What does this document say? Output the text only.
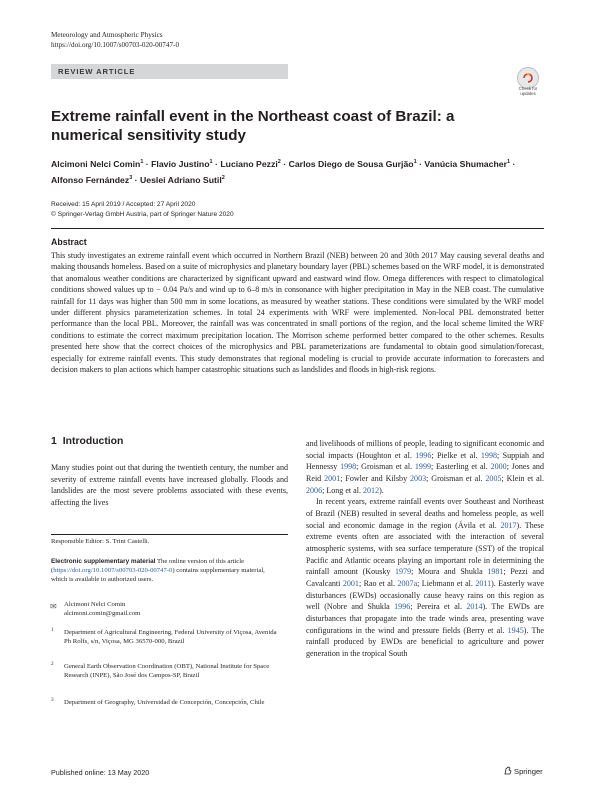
Meteorology and Atmospheric Physics
https://doi.org/10.1007/s00703-020-00747-0
REVIEW ARTICLE
Check for updates
Extreme rainfall event in the Northeast coast of Brazil: a numerical sensitivity study
Alcimoni Nelci Comin$^1$ · Flavio Justino$^1$ · Luciano Pezzi$^2$ · Carlos Diego de Sousa Gurjão$^1$ · Vanúcia Shumacher$^1$ · Alfonso Fernández$^3$ · Ueslei Adriano Sutil$^2$
Received: 15 April 2019 / Accepted: 27 April 2020
© Springer-Verlag GmbH Austria, part of Springer Nature 2020
Abstract

This study investigates an extreme rainfall event which occurred in Northern Brazil (NEB) between 20 and 30th 2017 May causing several deaths and making thousands homeless. Based on a suite of microphysics and planetary boundary layer (PBL) schemes based on the WRF model, it is demonstrated that anomalous weather conditions are characterized by significant upward and eastward wind flow. Omega differences with respect to climatological conditions showed values up to − 0.04 Pa/s and wind up to 6–8 m/s in consonance with higher precipitation in May in the NEB coast. The cumulative rainfall for 11 days was higher than 500 mm in some locations, as measured by weather stations. These conditions were simulated by the WRF model under different physics parameterization schemes. In total 24 experiments with WRF were implemented. Non-local PBL demonstrated better performance than the local PBL. Moreover, the rainfall was was concentrated in small portions of the region, and the local scheme limited the WRF conditions to estimate the correct maximum precipitation location. The Morrison scheme performed better compared to the other schemes. Results presented here show that the correct choices of the microphysics and PBL parameterizations are fundamental to obtain good simulation/forecast, especially for extreme rainfall events. This study demonstrates that regional modeling is crucial to provide accurate information to forecasters and decision makers to plan actions which hamper catastrophic situations such as landslides and floods in high-risk regions.

1 Introduction

Many studies point out that during the twentieth century, the number and severity of extreme rainfall events have increased globally. Floods and landslides are the most severe problems associated with these events, affecting the lives

Responsible Editor: S. Trini Castelli.

Electronic supplementary material The online version of this article (https://doi.org/10.1007/s00703-020-00747-0) contains supplementary material, which is available to authorized users.

✉ Alcimoni Nelci Comin
alcimoni.comin@gmail.com

1 Department of Agricultural Engineering, Federal University of Viçosa, Avenida Ph Rolfs, s/n, Viçosa, MG 36570-000, Brazil

2 General Earth Observation Coordination (OBT), National Institute for Space Research (INPE), São José dos Campos-SP, Brazil

3 Department of Geography, Universidad de Concepción, Concepción, Chile

and livelihoods of millions of people, leading to significant economic and social impacts (Houghton et al. 1996; Pielke et al. 1998; Suppiah and Hennessy 1998; Groisman et al. 1999; Easterling et al. 2000; Jones and Reid 2001; Fowler and Kilsby 2003; Groisman et al. 2005; Klein et al. 2006; Long et al. 2012).

In recent years, extreme rainfall events over Southeast and Northeast of Brazil (NEB) resulted in several deaths and homeless people, as well social and economic damage in the region (Ávila et al. 2017). These extreme events often are associated with the interaction of several atmospheric systems, with sea surface temperature (SST) of the tropical Pacific and Atlantic oceans playing an important role in determining the rainfall amount (Kousky 1979; Moura and Shukla 1981; Pezzi and Cavalcanti 2001; Rao et al. 2007a; Liebmann et al. 2011). Easterly wave disturbances (EWDs) occasionally cause heavy rains on this region as well (Nobre and Shukla 1996; Pereira et al. 2014). The EWDs are disturbances that propagate into the trade winds area, presenting wave configurations in the wind and pressure fields (Berry et al. 1945). The rainfall produced by EWDs are beneficial to agriculture and power generation in the tropical South

Published online: 13 May 2020	Springer
